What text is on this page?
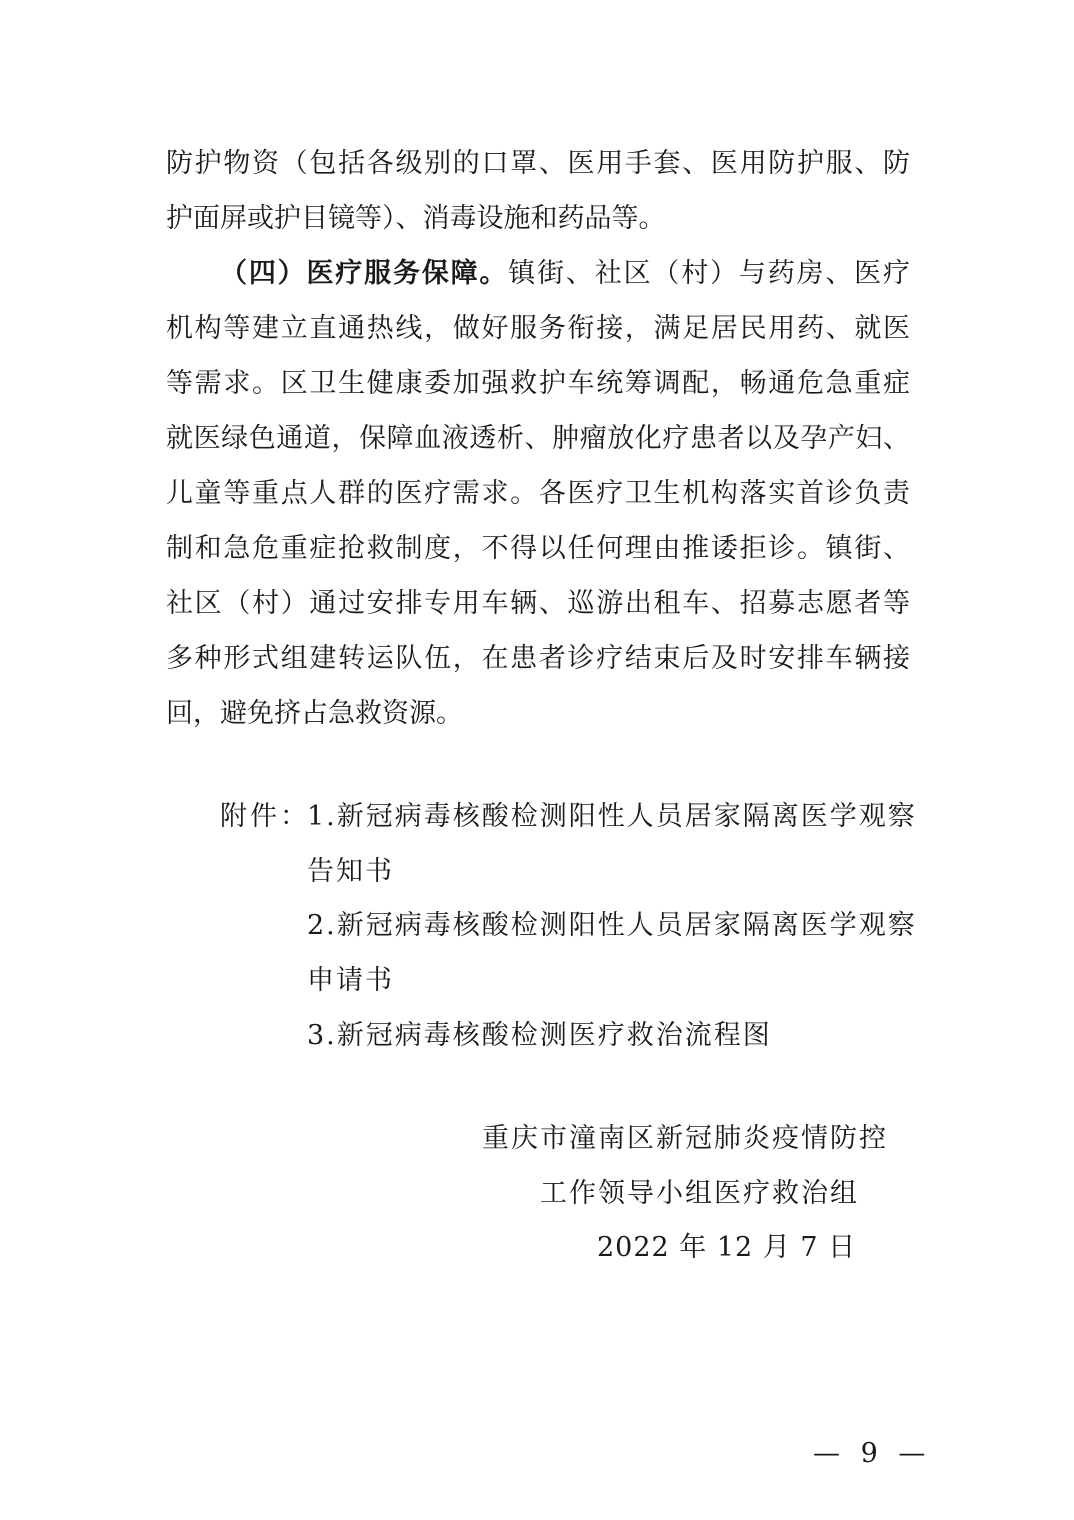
防护物资（包括各级别的口罩、医用手套、医用防护服、防
护面屏或护目镜等）、消毒设施和药品等。
（四）医疗服务保障。镇街、社区（村）与药房、医疗
机构等建立直通热线，做好服务衔接，满足居民用药、就医
等需求。区卫生健康委加强救护车统筹调配，畅通危急重症
就医绿色通道，保障血液透析、肿瘤放化疗患者以及孕产妇、
儿童等重点人群的医疗需求。各医疗卫生机构落实首诊负责
制和急危重症抢救制度，不得以任何理由推诿拒诊。镇街、
社区（村）通过安排专用车辆、巡游出租车、招募志愿者等
多种形式组建转运队伍，在患者诊疗结束后及时安排车辆接
回，避免挤占急救资源。
附件：
1.新冠病毒核酸检测阳性人员居家隔离医学观察
告知书
2.新冠病毒核酸检测阳性人员居家隔离医学观察
申请书
3.新冠病毒核酸检测医疗救治流程图
重庆市潼南区新冠肺炎疫情防控
工作领导小组医疗救治组
2022 年 12 月 7 日
— 9 —
